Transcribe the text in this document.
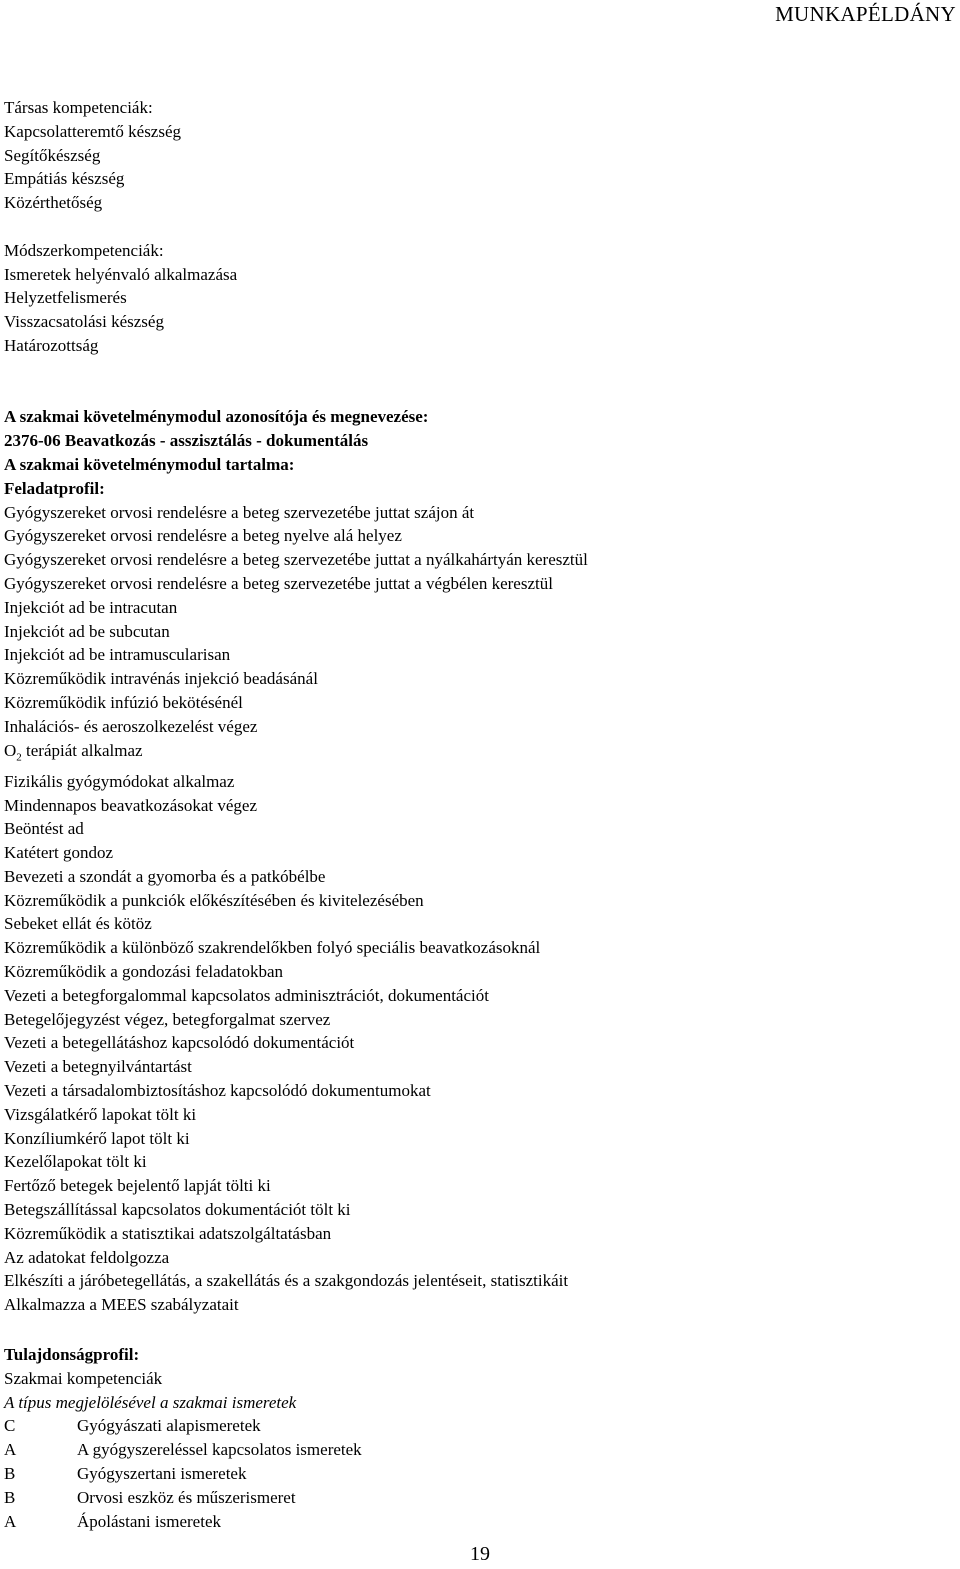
MUNKAPÉLDÁNY
Társas kompetenciák:
Kapcsolatteremtő készség
Segítőkészség
Empátiás készség
Közérthetőség
Módszerkompetenciák:
Ismeretek helyénvaló alkalmazása
Helyzetfelismerés
Visszacsatolási készség
Határozottság
A szakmai követelménymodul azonosítója és megnevezése:
2376-06 Beavatkozás - asszisztálás - dokumentálás
A szakmai követelménymodul tartalma:
Feladatprofil:
Gyógyszereket orvosi rendelésre a beteg szervezetébe juttat szájon át
Gyógyszereket orvosi rendelésre a beteg nyelve alá helyez
Gyógyszereket orvosi rendelésre a beteg szervezetébe juttat a nyálkahártyán keresztül
Gyógyszereket orvosi rendelésre a beteg szervezetébe juttat a végbélen keresztül
Injekciót ad be intracutan
Injekciót ad be subcutan
Injekciót ad be intramuscularisan
Közreműködik intravénás injekció beadásánál
Közreműködik infúzió bekötésénél
Inhalációs- és aeroszolkezelést végez
$O_2$ terápiát alkalmaz
Fizikális gyógymódokat alkalmaz
Mindennapos beavatkozásokat végez
Beöntést ad
Katétert gondoz
Bevezeti a szondát a gyomorba és a patkóbélbe
Közreműködik a punkciók előkészítésében és kivitelezésében
Sebeket ellát és kötöz
Közreműködik a különböző szakrendelőkben folyó speciális beavatkozásoknál
Közreműködik a gondozási feladatokban
Vezeti a betegforgalommal kapcsolatos adminisztrációt, dokumentációt
Betegelőjegyzést végez, betegforgalmat szervez
Vezeti a betegellátáshoz kapcsolódó dokumentációt
Vezeti a betegnyilvántartást
Vezeti a társadalombiztosításhoz kapcsolódó dokumentumokat
Vizsgálatkérő lapokat tölt ki
Konzíliumkérő lapot tölt ki
Kezelőlapokat tölt ki
Fertőző betegek bejelentő lapját tölti ki
Betegszállítással kapcsolatos dokumentációt tölt ki
Közreműködik a statisztikai adatszolgáltatásban
Az adatokat feldolgozza
Elkészíti a járóbetegellátás, a szakellátás és a szakgondozás jelentéseit, statisztikáit
Alkalmazza a MEES szabályzatait
Tulajdonságprofil:
Szakmai kompetenciák
A típus megjelölésével a szakmai ismeretek
C	Gyógyászati alapismeretek
A	A gyógyszereléssel kapcsolatos ismeretek
B	Gyógyszertani ismeretek
B	Orvosi eszköz és műszerismeret
A	Ápolástani ismeretek
19
